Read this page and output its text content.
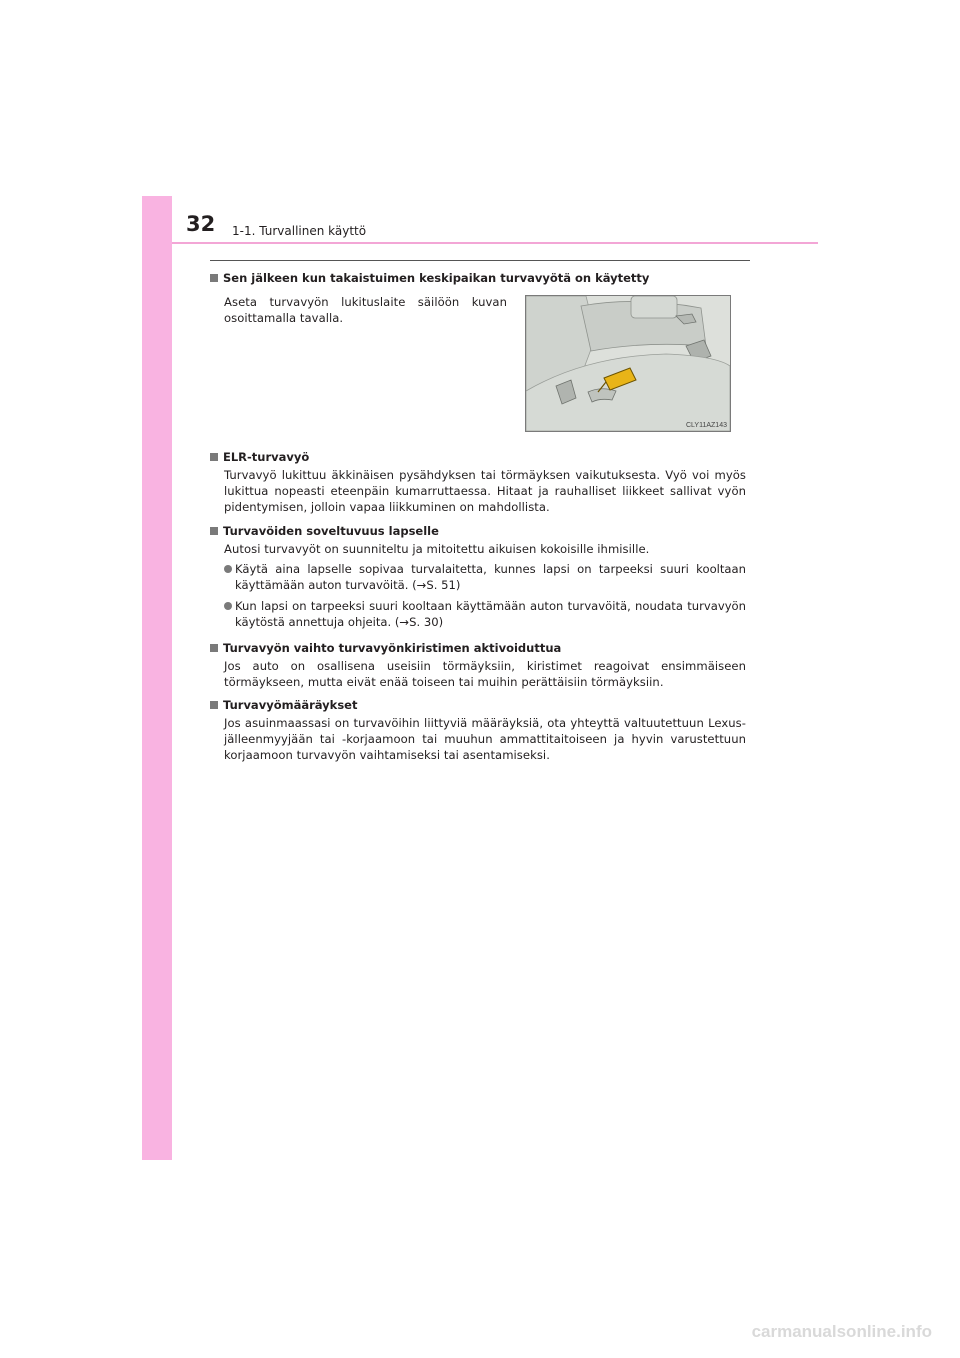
32 1-1. Turvallinen käyttö

Sen jälkeen kun takaistuimen keskipaikan turvavyötä on käytetty

Aseta turvavyön lukituslaite säilöön kuvan osoittamalla tavalla.

CLY11AZ143

ELR-turvavyö

Turvavyö lukittuu äkkinäisen pysähdyksen tai törmäyksen vaikutuksesta. Vyö voi myös lukittua nopeasti eteenpäin kumarruttaessa. Hitaat ja rauhalliset liikkeet sallivat vyön pidentymisen, jolloin vapaa liikkuminen on mahdollista.

Turvavöiden soveltuvuus lapselle

Autosi turvavyöt on suunniteltu ja mitoitettu aikuisen kokoisille ihmisille.

Käytä aina lapselle sopivaa turvalaitetta, kunnes lapsi on tarpeeksi suuri kooltaan käyttämään auton turvavöitä. (→S. 51)
Kun lapsi on tarpeeksi suuri kooltaan käyttämään auton turvavöitä, noudata turvavyön käytöstä annettuja ohjeita. (→S. 30)

Turvavyön vaihto turvavyönkiristimen aktivoiduttua

Jos auto on osallisena useisiin törmäyksiin, kiristimet reagoivat ensimmäiseen törmäykseen, mutta eivät enää toiseen tai muihin perättäisiin törmäyksiin.

Turvavyömääräykset

Jos asuinmaassasi on turvavöihin liittyviä määräyksiä, ota yhteyttä valtuutettuun Lexus-jälleenmyyjään tai -korjaamoon tai muuhun ammattitaitoiseen ja hyvin varustettuun korjaamoon turvavyön vaihtamiseksi tai asentamiseksi.

carmanualsonline.info
